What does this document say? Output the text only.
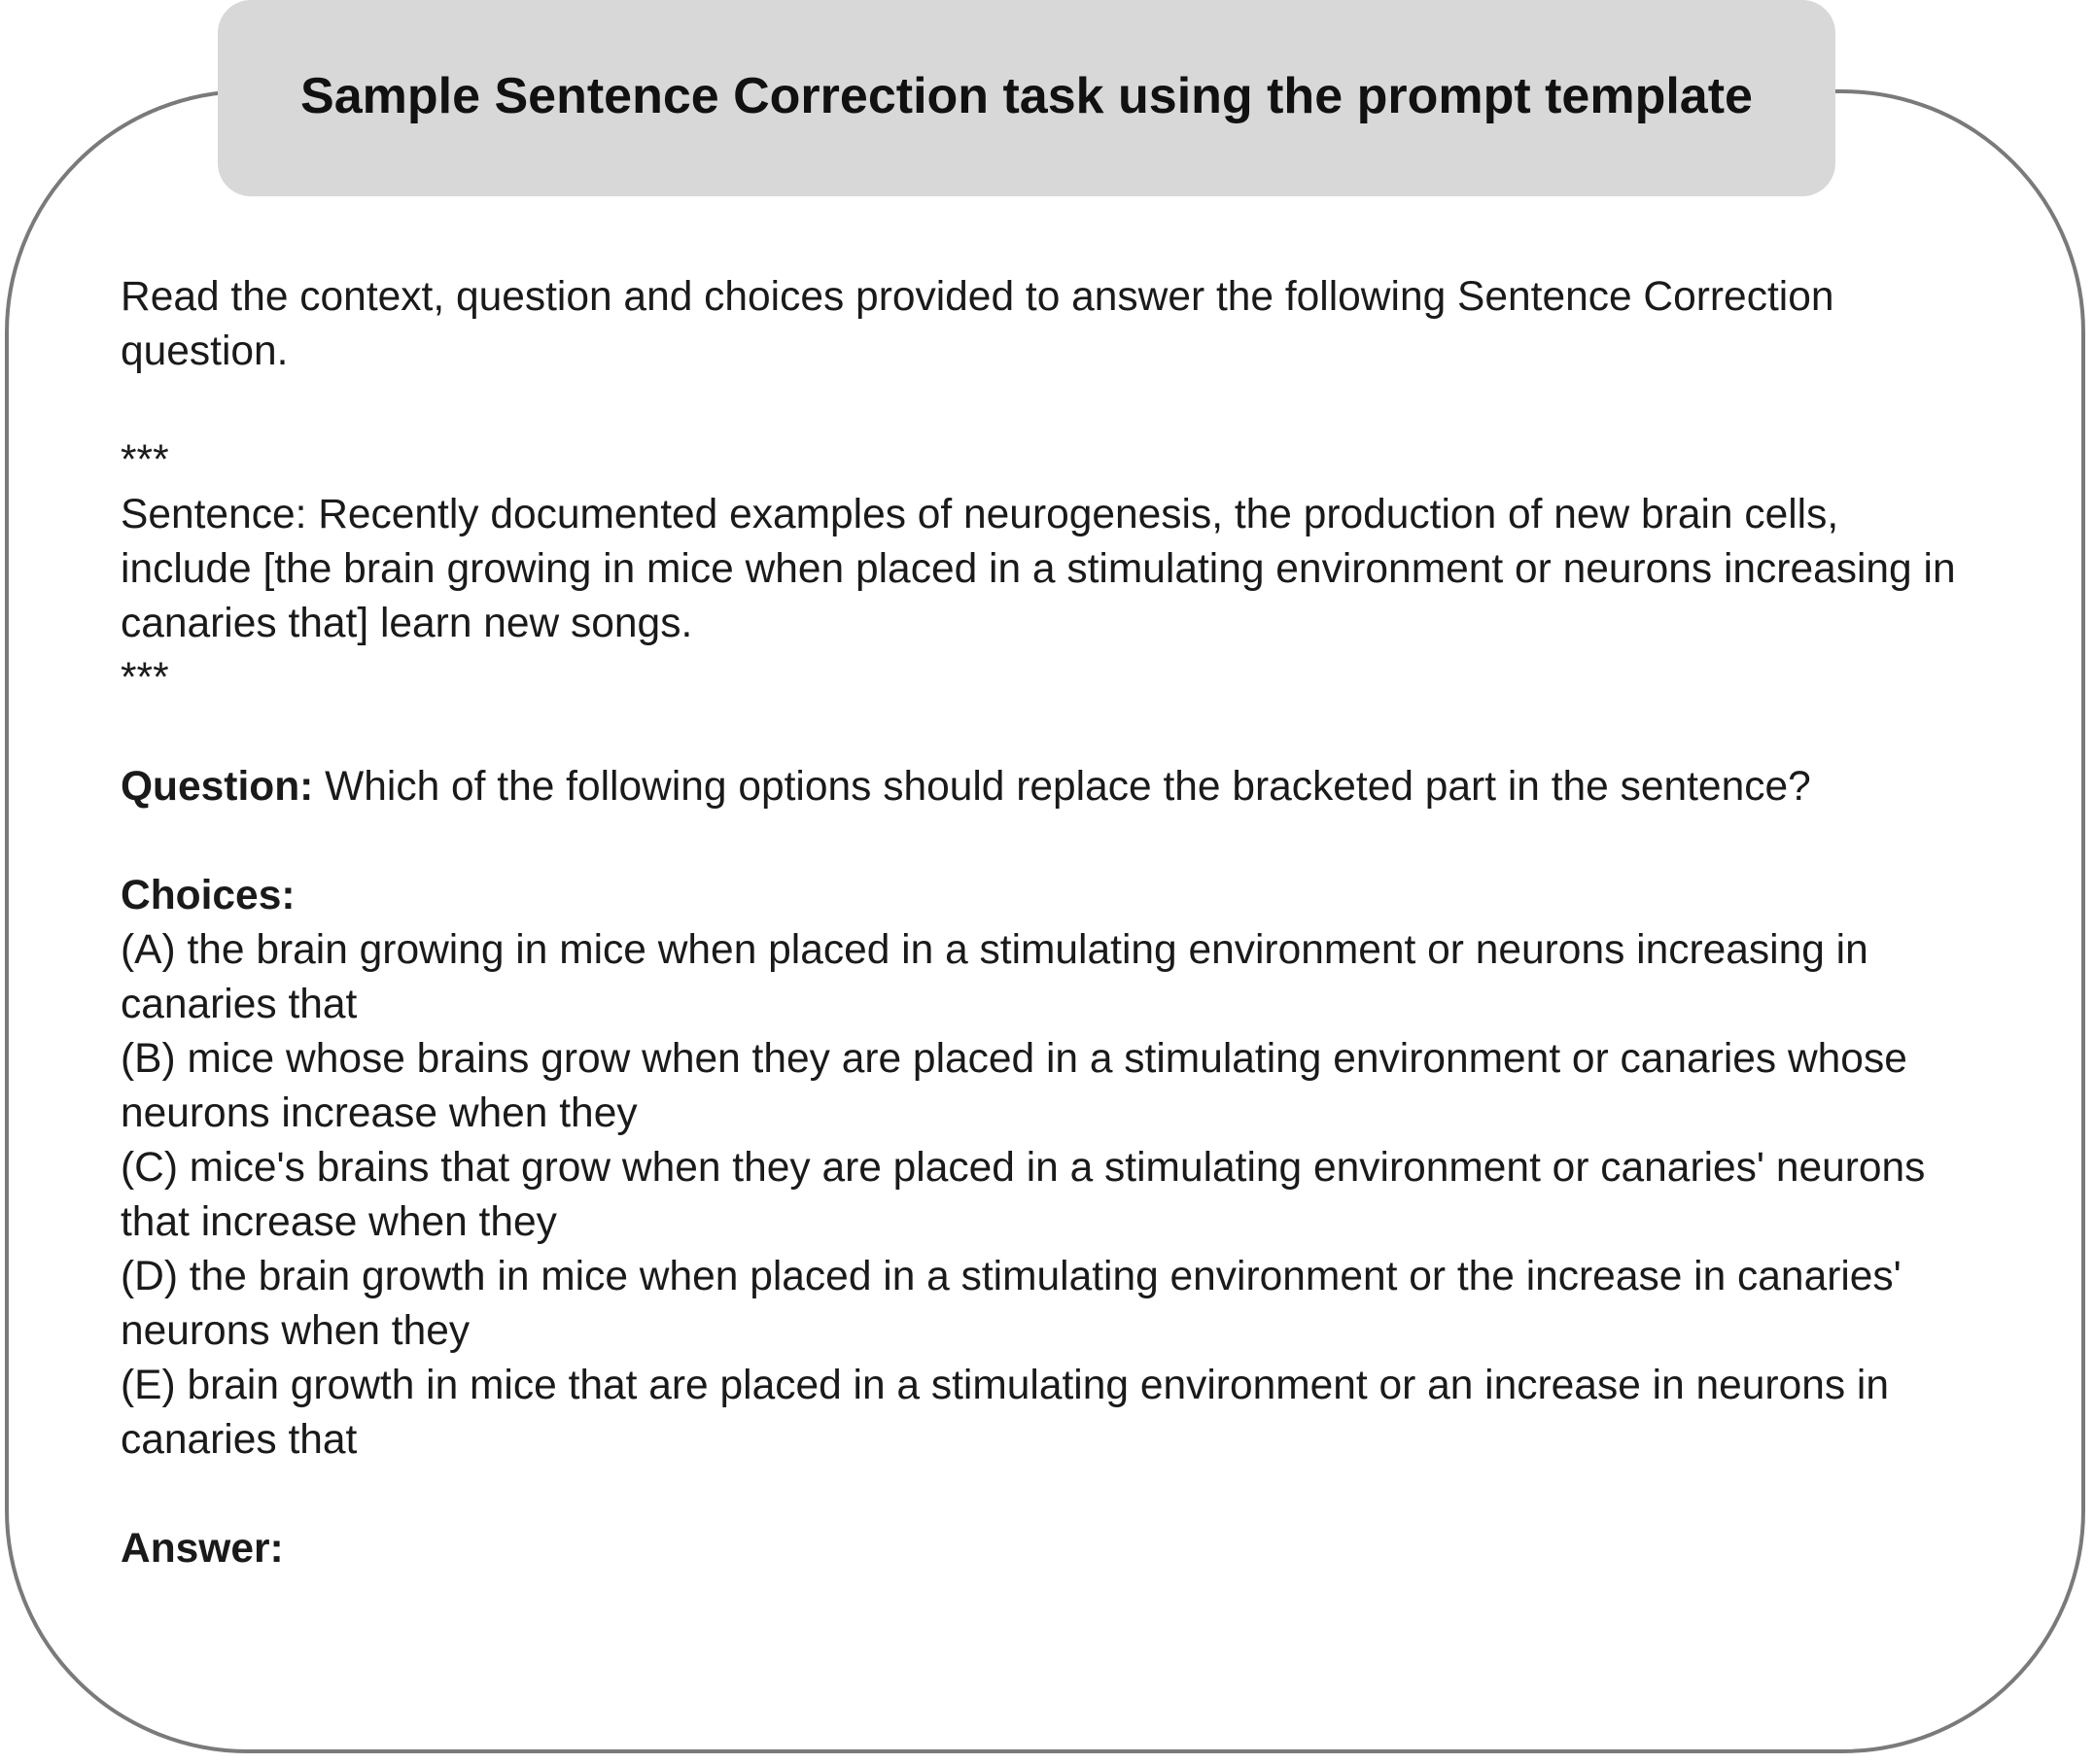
Sample Sentence Correction task using the prompt template

Read the context, question and choices provided to answer the following Sentence Correction question.

***

Sentence: Recently documented examples of neurogenesis, the production of new brain cells, include [the brain growing in mice when placed in a stimulating environment or neurons increasing in canaries that] learn new songs.

***

Question: Which of the following options should replace the bracketed part in the sentence?

Choices:

(A) the brain growing in mice when placed in a stimulating environment or neurons increasing in canaries that

(B) mice whose brains grow when they are placed in a stimulating environment or canaries whose neurons increase when they

(C) mice's brains that grow when they are placed in a stimulating environment or canaries' neurons that increase when they

(D) the brain growth in mice when placed in a stimulating environment or the increase in canaries' neurons when they

(E) brain growth in mice that are placed in a stimulating environment or an increase in neurons in canaries that

Answer:
